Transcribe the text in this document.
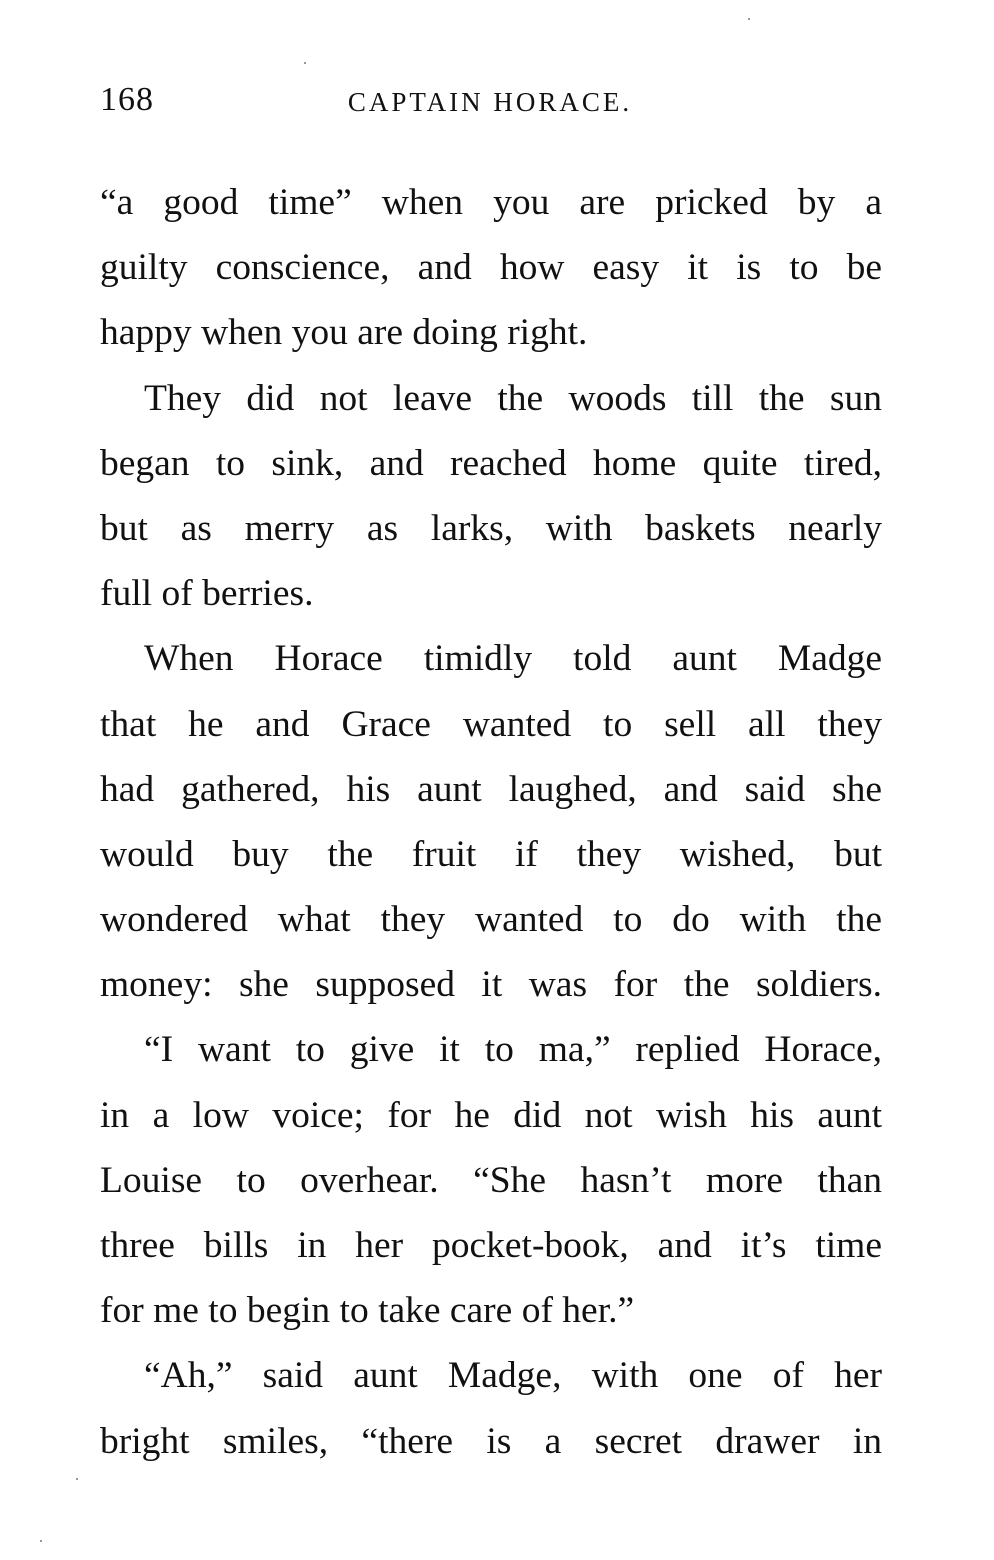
168	CAPTAIN HORACE.
“a good time” when you are pricked by a
guilty conscience, and how easy it is to be
happy when you are doing right.
They did not leave the woods till the sun
began to sink, and reached home quite tired,
but as merry as larks, with baskets nearly
full of berries.
When Horace timidly told aunt Madge
that he and Grace wanted to sell all they
had gathered, his aunt laughed, and said she
would buy the fruit if they wished, but
wondered what they wanted to do with the
money: she supposed it was for the soldiers.
“I want to give it to ma,” replied Horace,
in a low voice; for he did not wish his aunt
Louise to overhear. “She hasn’t more than
three bills in her pocket-book, and it’s time
for me to begin to take care of her.”
“Ah,” said aunt Madge, with one of her
bright smiles, “there is a secret drawer in
